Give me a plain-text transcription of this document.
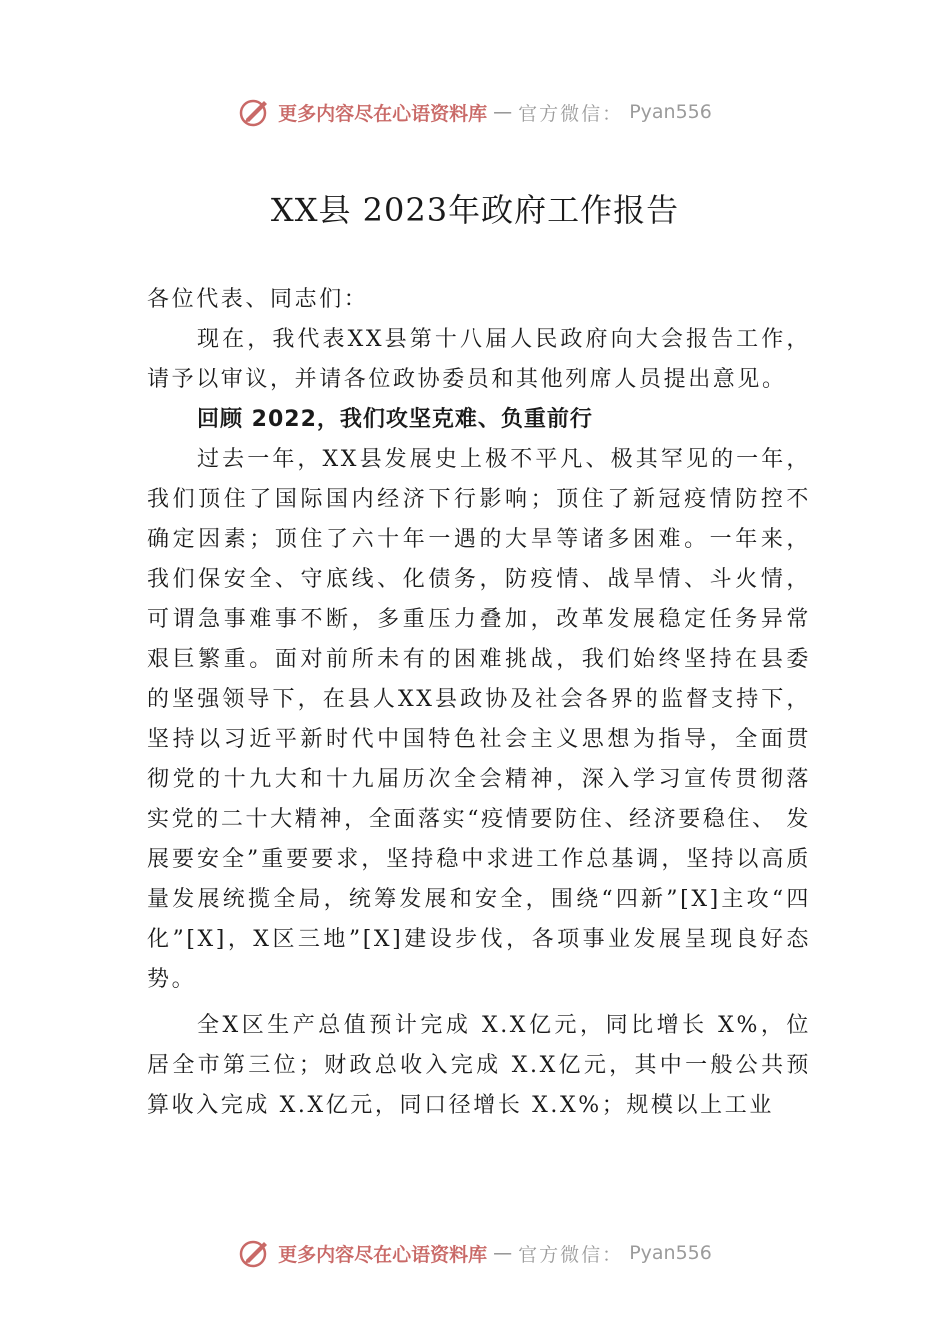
更多内容尽在心语资料库 — 官方微信： Pyan556
XX县 2023年政府工作报告

各位代表、同志们：

现在，我代表XX县第十八届人民政府向大会报告工作，请予以审议，并请各位政协委员和其他列席人员提出意见。

回顾 2022，我们攻坚克难、负重前行

过去一年，XX县发展史上极不平凡、极其罕见的一年，我们顶住了国际国内经济下行影响；顶住了新冠疫情防控不确定因素；顶住了六十年一遇的大旱等诸多困难。一年来， 我们保安全、守底线、化债务，防疫情、战旱情、斗火情， 可谓急事难事不断，多重压力叠加，改革发展稳定任务异常艰巨繁重。面对前所未有的困难挑战，我们始终坚持在县委的坚强领导下，在县人XX县政协及社会各界的监督支持下， 坚持以习近平新时代中国特色社会主义思想为指导，全面贯彻党的十九大和十九届历次全会精神，深入学习宣传贯彻落实党的二十大精神，全面落实“疫情要防住、经济要稳住、 发展要安全”重要要求，坚持稳中求进工作总基调，坚持以高质量发展统揽全局，统筹发展和安全，围绕“四新”[X]主攻“四化”[X]，X区三地”[X]建设步伐，各项事业发展呈现良好态势。

全X区生产总值预计完成 X.X亿元，同比增长 X%，位居全市第三位；财政总收入完成 X.X亿元，其中一般公共预算收入完成 X.X亿元，同口径增长 X.X%；规模以上工业

更多内容尽在心语资料库 — 官方微信： Pyan556
